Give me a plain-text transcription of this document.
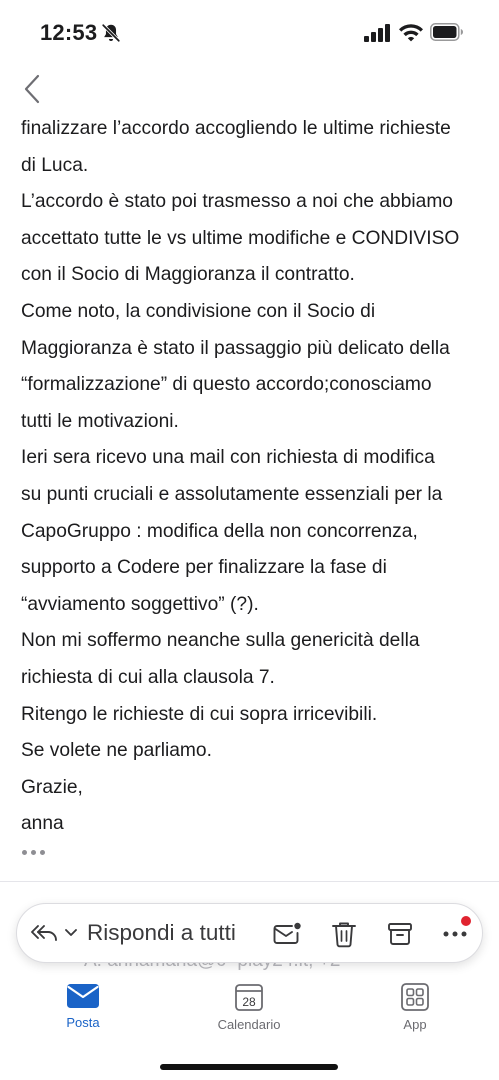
12:53
finalizzare l’accordo accogliendo le ultime richieste
di Luca.
L’accordo è stato poi trasmesso a noi che abbiamo
accettato tutte le vs ultime modifiche e CONDIVISO
con il Socio di Maggioranza il contratto.
Come noto, la condivisione con il Socio di
Maggioranza è stato il passaggio più delicato della
“formalizzazione” di questo accordo;conosciamo
tutti le motivazioni.
Ieri sera ricevo una mail con richiesta di modifica
su punti cruciali e assolutamente essenziali per la
CapoGruppo : modifica della non concorrenza,
supporto a Codere per finalizzare la fase di
“avviamento soggettivo” (?).
Non mi soffermo neanche sulla genericità della
richiesta di cui alla clausola 7.
Ritengo le richieste di cui sopra irricevibili.
Se volete ne parliamo.
Grazie,
anna
Rispondi a tutti
Posta
28
Calendario	App
